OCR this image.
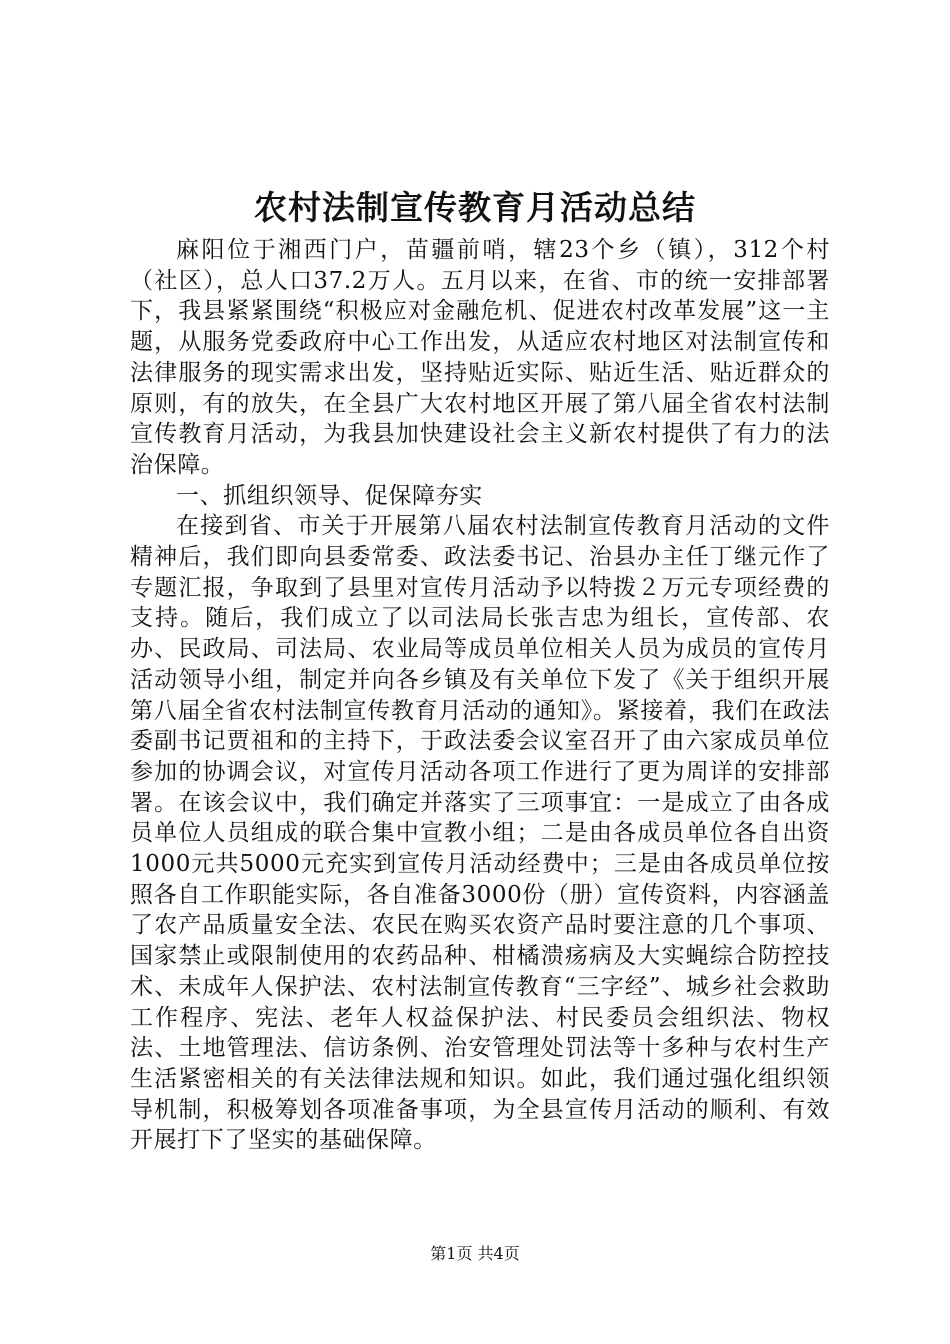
农村法制宣传教育月活动总结

麻阳位于湘西门户，苗疆前哨，辖23个乡（镇），312个村（社区），总人口37.2万人。五月以来，在省、市的统一安排部署下，我县紧紧围绕“积极应对金融危机、促进农村改革发展”这一主题，从服务党委政府中心工作出发，从适应农村地区对法制宣传和法律服务的现实需求出发，坚持贴近实际、贴近生活、贴近群众的原则，有的放失，在全县广大农村地区开展了第八届全省农村法制宣传教育月活动，为我县加快建设社会主义新农村提供了有力的法治保障。

一、抓组织领导、促保障夯实

在接到省、市关于开展第八届农村法制宣传教育月活动的文件精神后，我们即向县委常委、政法委书记、治县办主任丁继元作了专题汇报，争取到了县里对宣传月活动予以特拨２万元专项经费的支持。随后，我们成立了以司法局长张吉忠为组长，宣传部、农办、民政局、司法局、农业局等成员单位相关人员为成员的宣传月活动领导小组，制定并向各乡镇及有关单位下发了《关于组织开展第八届全省农村法制宣传教育月活动的通知》。紧接着，我们在政法委副书记贾祖和的主持下，于政法委会议室召开了由六家成员单位参加的协调会议，对宣传月活动各项工作进行了更为周详的安排部署。在该会议中，我们确定并落实了三项事宜：一是成立了由各成员单位人员组成的联合集中宣教小组；二是由各成员单位各自出资1000元共5000元充实到宣传月活动经费中；三是由各成员单位按照各自工作职能实际，各自准备3000份（册）宣传资料，内容涵盖了农产品质量安全法、农民在购买农资产品时要注意的几个事项、国家禁止或限制使用的农药品种、柑橘溃疡病及大实蝇综合防控技术、未成年人保护法、农村法制宣传教育“三字经”、城乡社会救助工作程序、宪法、老年人权益保护法、村民委员会组织法、物权法、土地管理法、信访条例、治安管理处罚法等十多种与农村生产生活紧密相关的有关法律法规和知识。如此，我们通过强化组织领导机制，积极筹划各项准备事项，为全县宣传月活动的顺利、有效开展打下了坚实的基础保障。

第1页 共4页
